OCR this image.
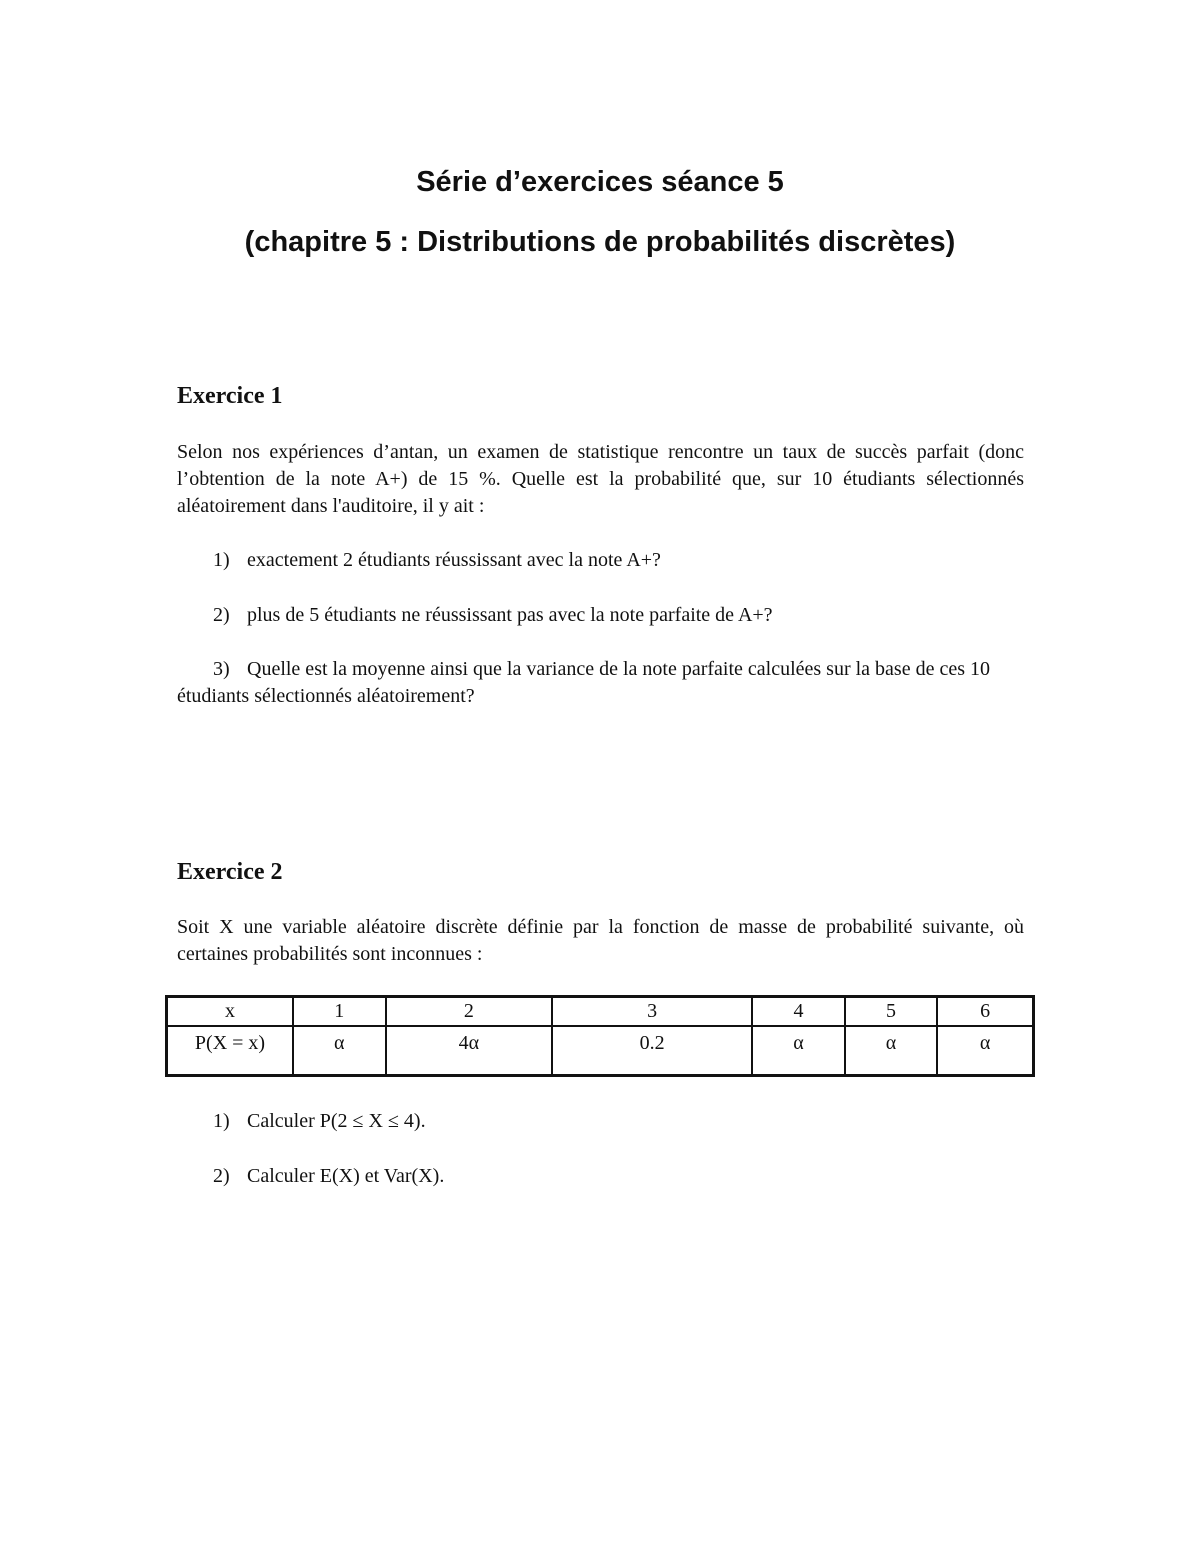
Série d’exercices séance 5
(chapitre 5 : Distributions de probabilités discrètes)
Exercice 1

Selon nos expériences d’antan, un examen de statistique rencontre un taux de succès parfait (donc l’obtention de la note A+) de 15 %. Quelle est la probabilité que, sur 10 étudiants sélectionnés aléatoirement dans l'auditoire, il y ait :

1) exactement 2 étudiants réussissant avec la note A+?

2) plus de 5 étudiants ne réussissant pas avec la note parfaite de A+?

3) Quelle est la moyenne ainsi que la variance de la note parfaite calculées sur la base de ces 10 étudiants sélectionnés aléatoirement?

Exercice 2

Soit X une variable aléatoire discrète définie par la fonction de masse de probabilité suivante, où certaines probabilités sont inconnues :

x	1	2	3	4	5	6
P(X = x)	α	4α	0.2	α	α	α

1) Calculer P(2 ≤ X ≤ 4).

2) Calculer E(X) et Var(X).
